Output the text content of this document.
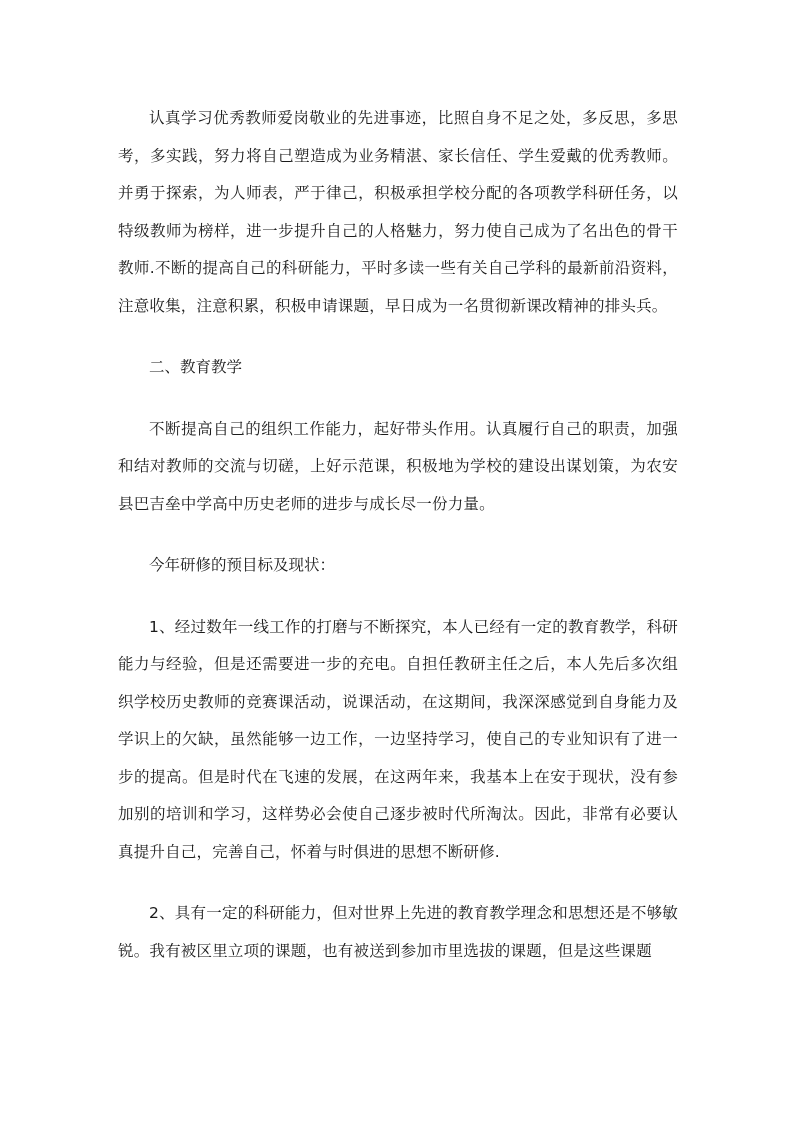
认真学习优秀教师爱岗敬业的先进事迹，比照自身不足之处，多反思，多思考，多实践，努力将自己塑造成为业务精湛、家长信任、学生爱戴的优秀教师。并勇于探索，为人师表，严于律己，积极承担学校分配的各项教学科研任务，以特级教师为榜样，进一步提升自己的人格魅力，努力使自己成为了名出色的骨干教师.不断的提高自己的科研能力，平时多读一些有关自己学科的最新前沿资料，注意收集，注意积累，积极申请课题，早日成为一名贯彻新课改精神的排头兵。

二、教育教学

不断提高自己的组织工作能力，起好带头作用。认真履行自己的职责，加强和结对教师的交流与切磋，上好示范课，积极地为学校的建设出谋划策，为农安县巴吉垒中学高中历史老师的进步与成长尽一份力量。

今年研修的预目标及现状：

1、经过数年一线工作的打磨与不断探究，本人已经有一定的教育教学，科研能力与经验，但是还需要进一步的充电。自担任教研主任之后，本人先后多次组织学校历史教师的竞赛课活动，说课活动，在这期间，我深深感觉到自身能力及学识上的欠缺，虽然能够一边工作，一边坚持学习，使自己的专业知识有了进一步的提高。但是时代在飞速的发展，在这两年来，我基本上在安于现状，没有参加别的培训和学习，这样势必会使自己逐步被时代所淘汰。因此，非常有必要认真提升自己，完善自己，怀着与时俱进的思想不断研修.

2、具有一定的科研能力，但对世界上先进的教育教学理念和思想还是不够敏锐。我有被区里立项的课题，也有被送到参加市里选拔的课题，但是这些课题
